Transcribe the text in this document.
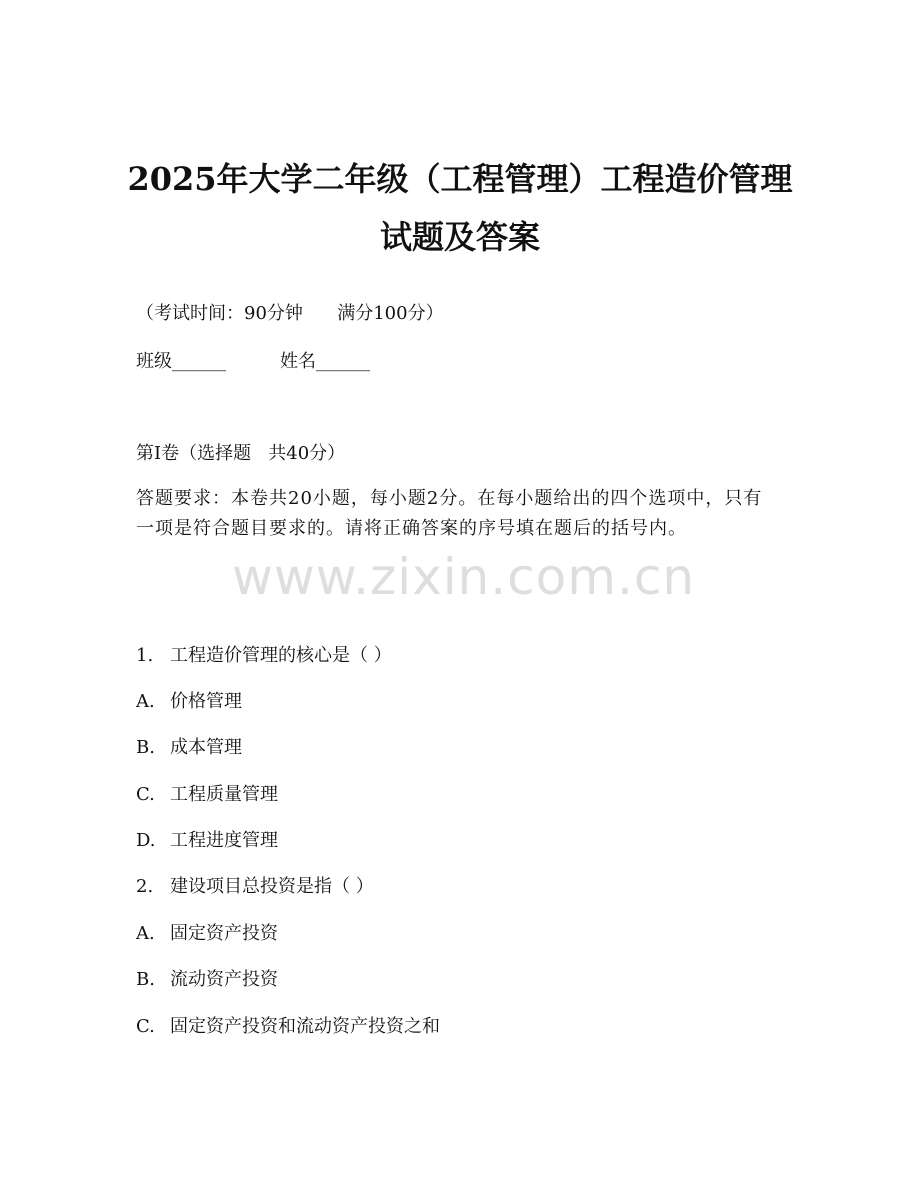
2025年大学二年级（工程管理）工程造价管理试题及答案
（考试时间：90分钟      满分100分）
班级______	姓名______
第I卷（选择题   共40分）
答题要求：本卷共20小题，每小题2分。在每小题给出的四个选项中，只有一项是符合题目要求的。请将正确答案的序号填在题后的括号内。
www.zixin.com.cn
1. 工程造价管理的核心是（ ）
A. 价格管理
B. 成本管理
C. 工程质量管理
D. 工程进度管理
2. 建设项目总投资是指（ ）
A. 固定资产投资
B. 流动资产投资
C. 固定资产投资和流动资产投资之和
